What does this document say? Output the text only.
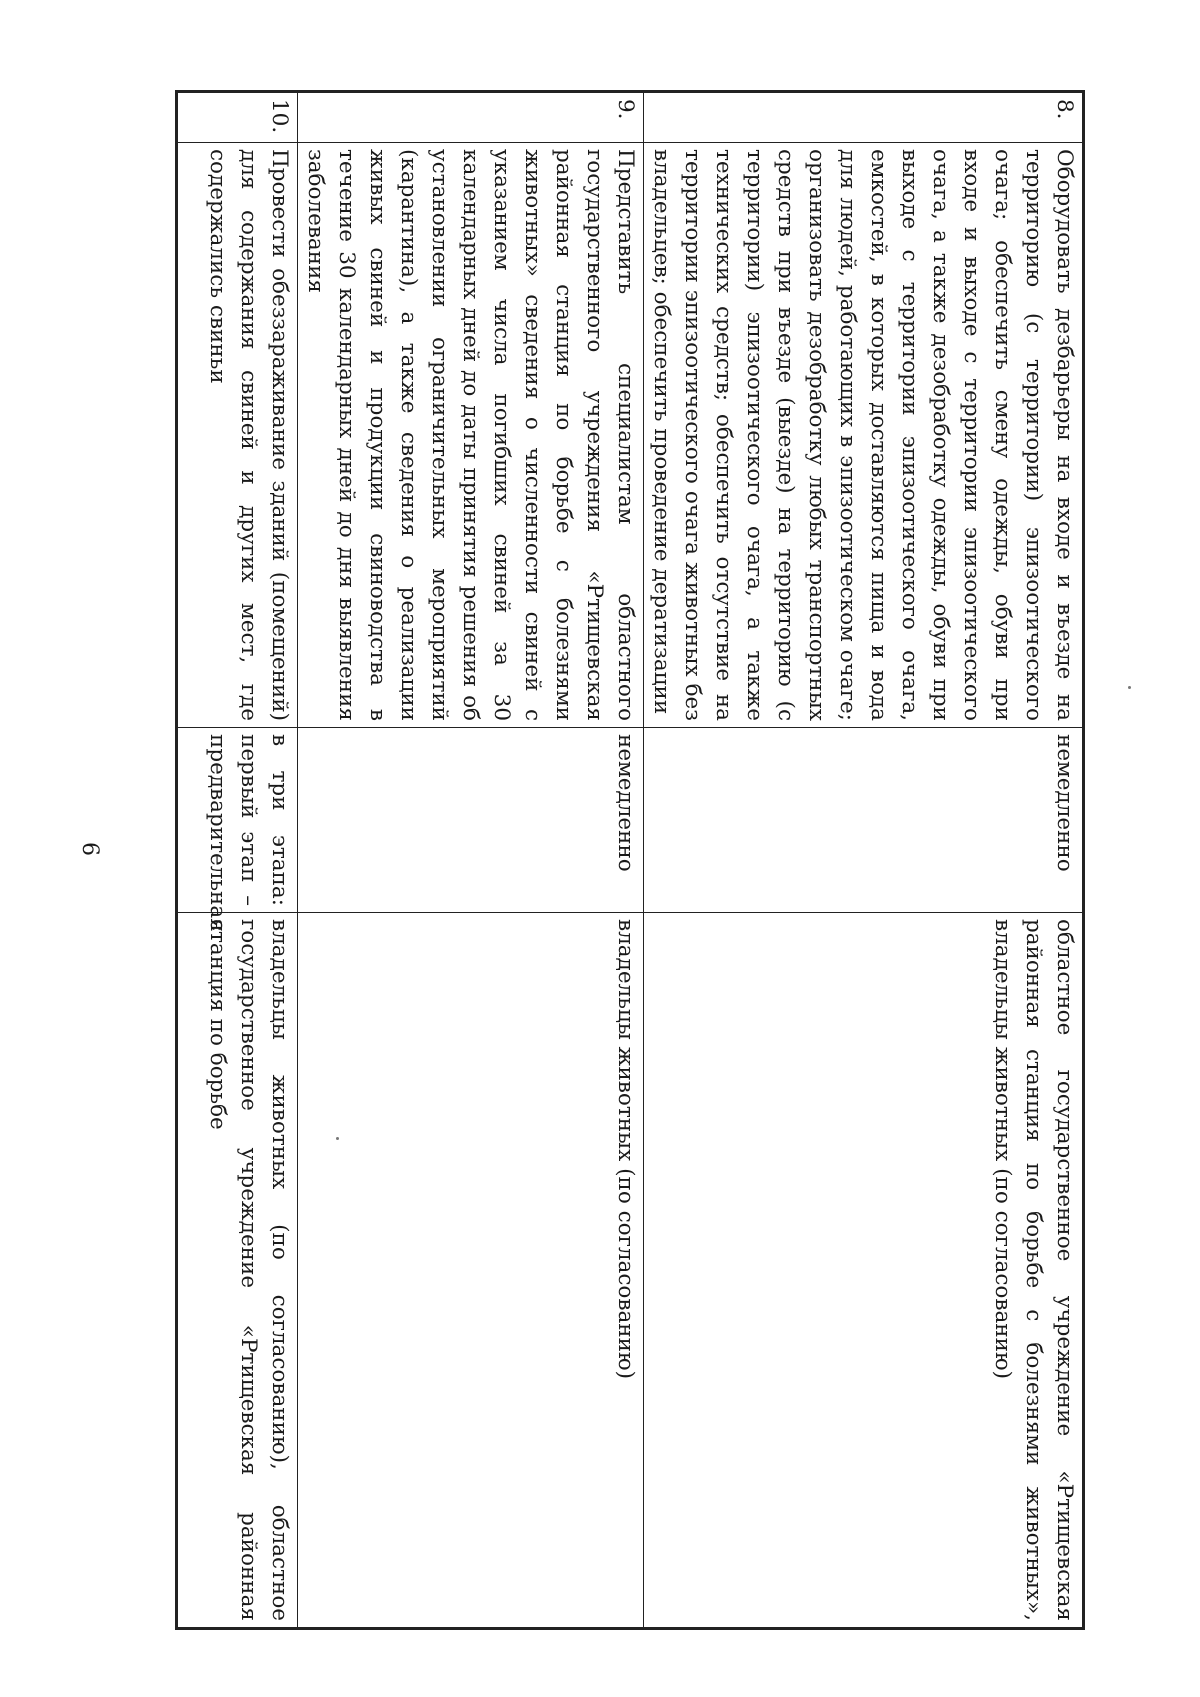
6
8.	Оборудовать дезбарьеры на входе и въезде на территорию (с территории) эпизоотического очага; обеспечить смену одежды, обуви при входе и выходе с территории эпизоотического очага, а также дезобработку одежды, обуви при выходе с территории эпизоотического очага, емкостей, в которых доставляются пища и вода для людей, работающих в эпизоотическом очаге; организовать дезобработку любых транспортных средств при въезде (выезде) на территорию (с территории) эпизоотического очага, а также технических средств; обеспечить отсутствие на территории эпизоотического очага животных без владельцев; обеспечить проведение дератизации	немедленно	областное государственное учреждение «Ртищевская районная станция по борьбе с болезнями животных», владельцы животных (по согласованию)
9.	Представить специалистам областного государственного учреждения «Ртищевская районная станция по борьбе с болезнями животных» сведения о численности свиней с указанием числа погибших свиней за 30 календарных дней до даты принятия решения об установлении ограничительных мероприятий (карантина), а также сведения о реализации живых свиней и продукции свиноводства в течение 30 календарных дней до дня выявления заболевания	немедленно	владельцы животных (по согласованию)
10.	Провести обеззараживание зданий (помещений) для содержания свиней и других мест, где содержались свиньи	в три этапа: первый этап – предварительная	владельцы животных (по согласованию), областное государственное учреждение «Ртищевская районная станция по борьбе
